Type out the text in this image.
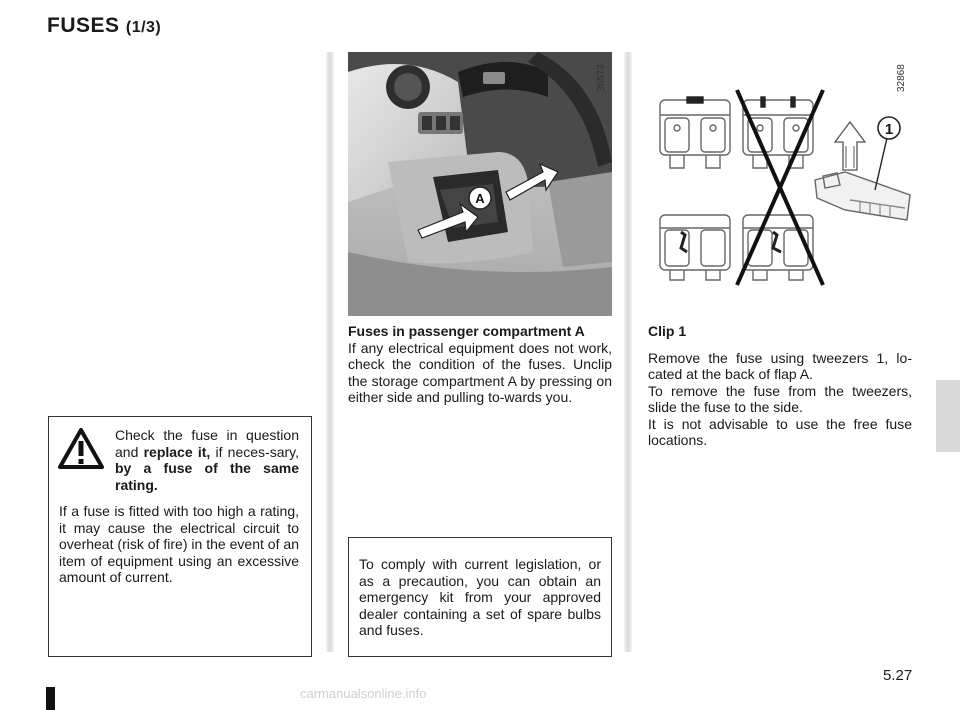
FUSES (1/3)
A
36573
1
32868

Fuses in passenger compartment A

If any electrical equipment does not work, check the condition of the fuses. Unclip the storage compartment A by pressing on either side and pulling to-wards you.

Clip 1

Remove the fuse using tweezers 1, lo-cated at the back of flap A.

To remove the fuse from the tweezers, slide the fuse to the side.

It is not advisable to use the free fuse locations.

Check the fuse in question and replace it, if neces-sary, by a fuse of the same rating.
If a fuse is fitted with too high a rating, it may cause the electrical circuit to overheat (risk of fire) in the event of an item of equipment using an excessive amount of current.
To comply with current legislation, or as a precaution, you can obtain an emergency kit from your approved dealer containing a set of spare bulbs and fuses.
5.27
carmanualsonline.info
